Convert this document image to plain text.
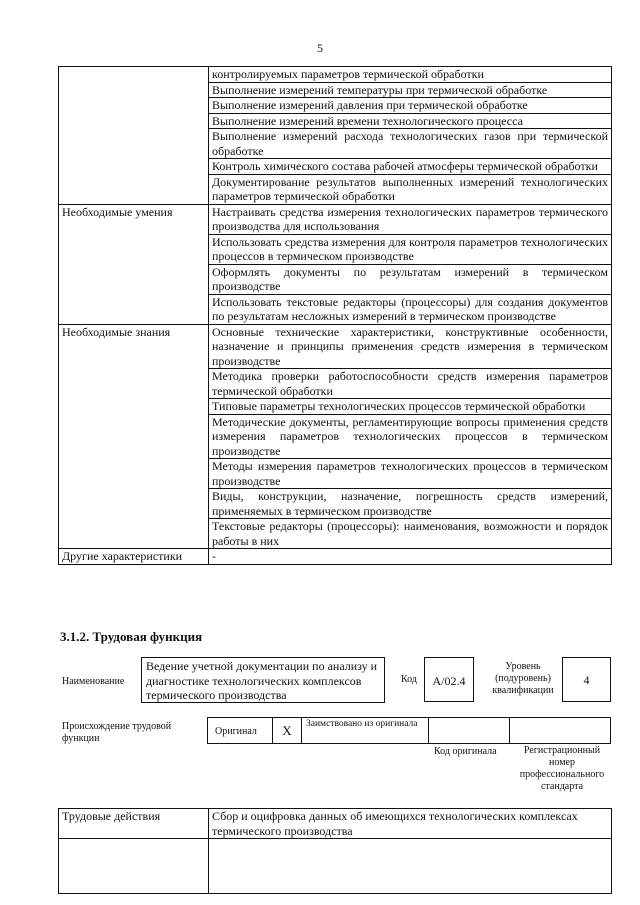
5
	контролируемых параметров термической обработки
	Выполнение измерений температуры при термической обработке
	Выполнение измерений давления при термической обработке
	Выполнение измерений времени технологического процесса
	Выполнение измерений расхода технологических газов при термической обработке
	Контроль химического состава рабочей атмосферы термической обработки
	Документирование результатов выполненных измерений технологических параметров термической обработки
Необходимые умения	Настраивать средства измерения технологических параметров термического производства для использования
	Использовать средства измерения для контроля параметров технологических процессов в термическом производстве
	Оформлять документы по результатам измерений в термическом производстве
	Использовать текстовые редакторы (процессоры) для создания документов по результатам несложных измерений в термическом производстве
Необходимые знания	Основные технические характеристики, конструктивные особенности, назначение и принципы применения средств измерения в термическом производстве
	Методика проверки работоспособности средств измерения параметров термической обработки
	Типовые параметры технологических процессов термической обработки
	Методические документы, регламентирующие вопросы применения средств измерения параметров технологических процессов в термическом производстве
	Методы измерения параметров технологических процессов в термическом производстве
	Виды, конструкции, назначение, погрешность средств измерений, применяемых в термическом производстве
	Текстовые редакторы (процессоры): наименования, возможности и порядок работы в них
Другие характеристики	-
3.1.2. Трудовая функция
Наименование
Ведение учетной документации по анализу и диагностике технологических комплексов термического производства
Код	А/02.4
Уровень (подуровень) квалификации
4
Происхождение трудовой функции
Оригинал	Х	Заимствовано из оригинала
Код оригинала	Регистрационный номер профессионального стандарта
Трудовые действия	Сбор и оцифровка данных об имеющихся технологических комплексах термического производства
